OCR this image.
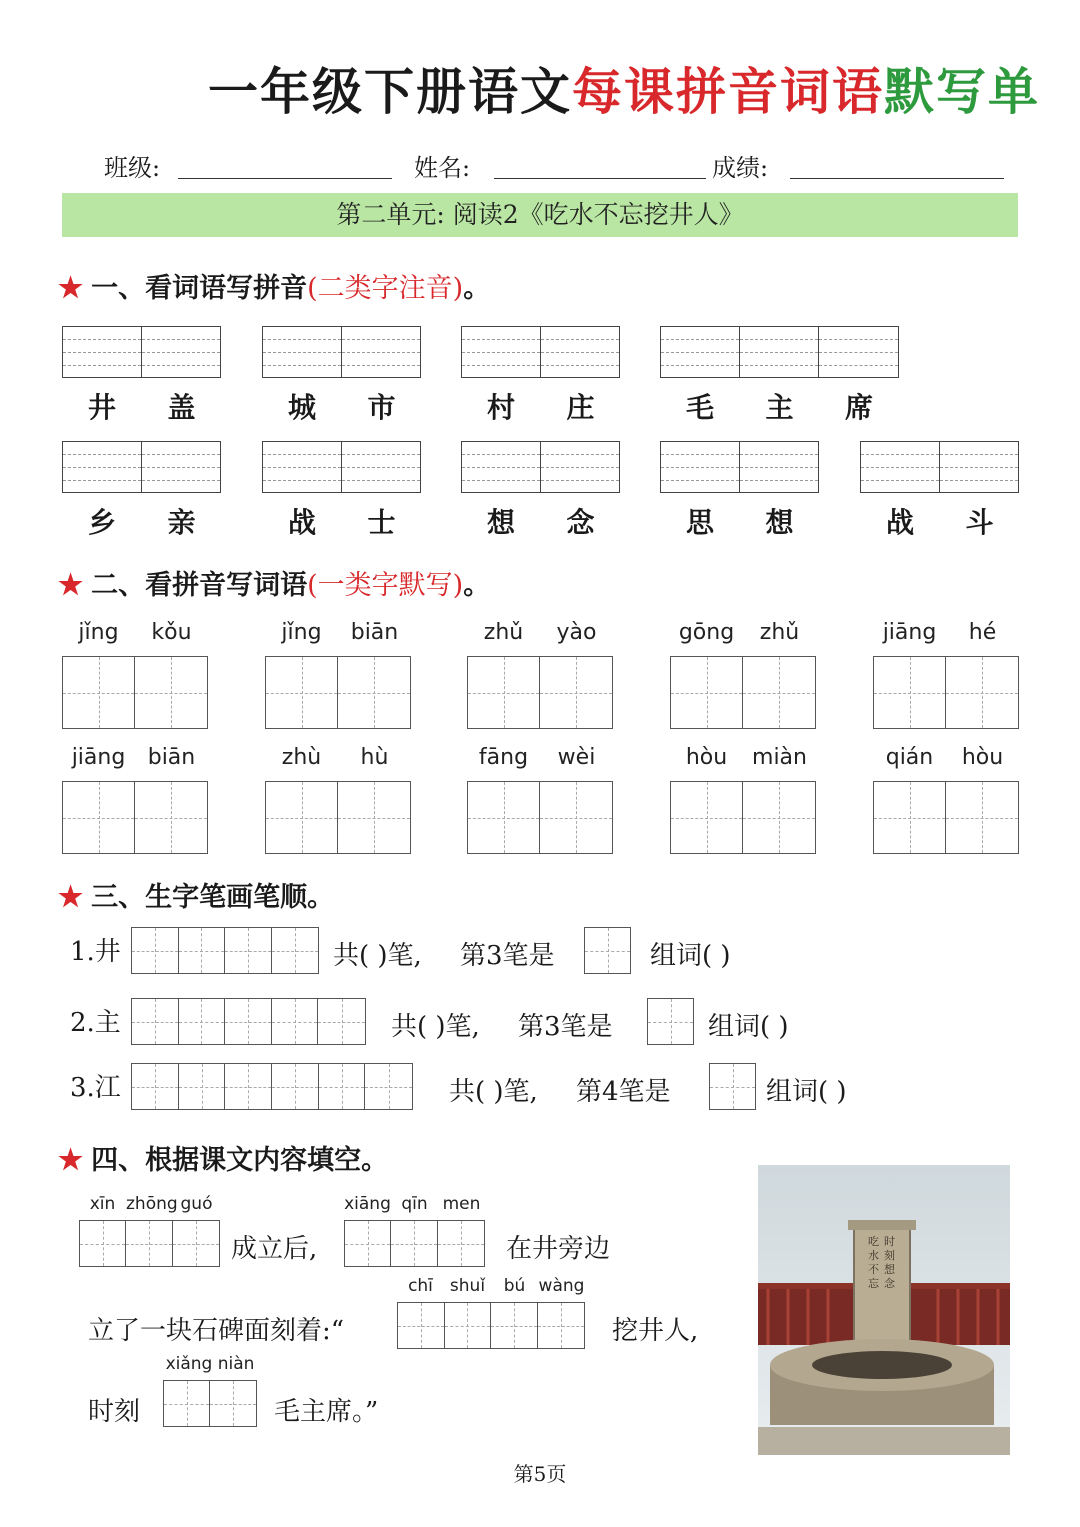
一年级下册语文每课拼音词语默写单
班级:	姓名:	成绩:
第二单元: 阅读2《吃水不忘挖井人》
★ 一、看词语写拼音(二类字注音)。
井 盖	城 市	村 庄	毛 主 席
乡 亲	战 士	想 念	思 想	战 斗
★ 二、看拼音写词语(一类字默写)。
jǐng	kǒu	jǐng	biān	zhǔ	yào	gōng	zhǔ	jiāng	hé
jiāng	biān	zhù	hù	fāng	wèi	hòu	miàn	qián	hòu
★ 三、生字笔画笔顺。
1.井	共( )笔, 第3笔是	组词( )
2.主	共( )笔, 第3笔是	组词( )
3.江	共( )笔, 第4笔是	组词( )
★ 四、根据课文内容填空。
xīn zhōng guó
成立后,
xiāng qīn men
在井旁边
立了一块石碑面刻着:“
chī	shuǐ	bú wàng
挖井人,
时刻
xiǎng niàn
毛主席。”
吃
水
不
忘
时
刻
想
念
第5页
